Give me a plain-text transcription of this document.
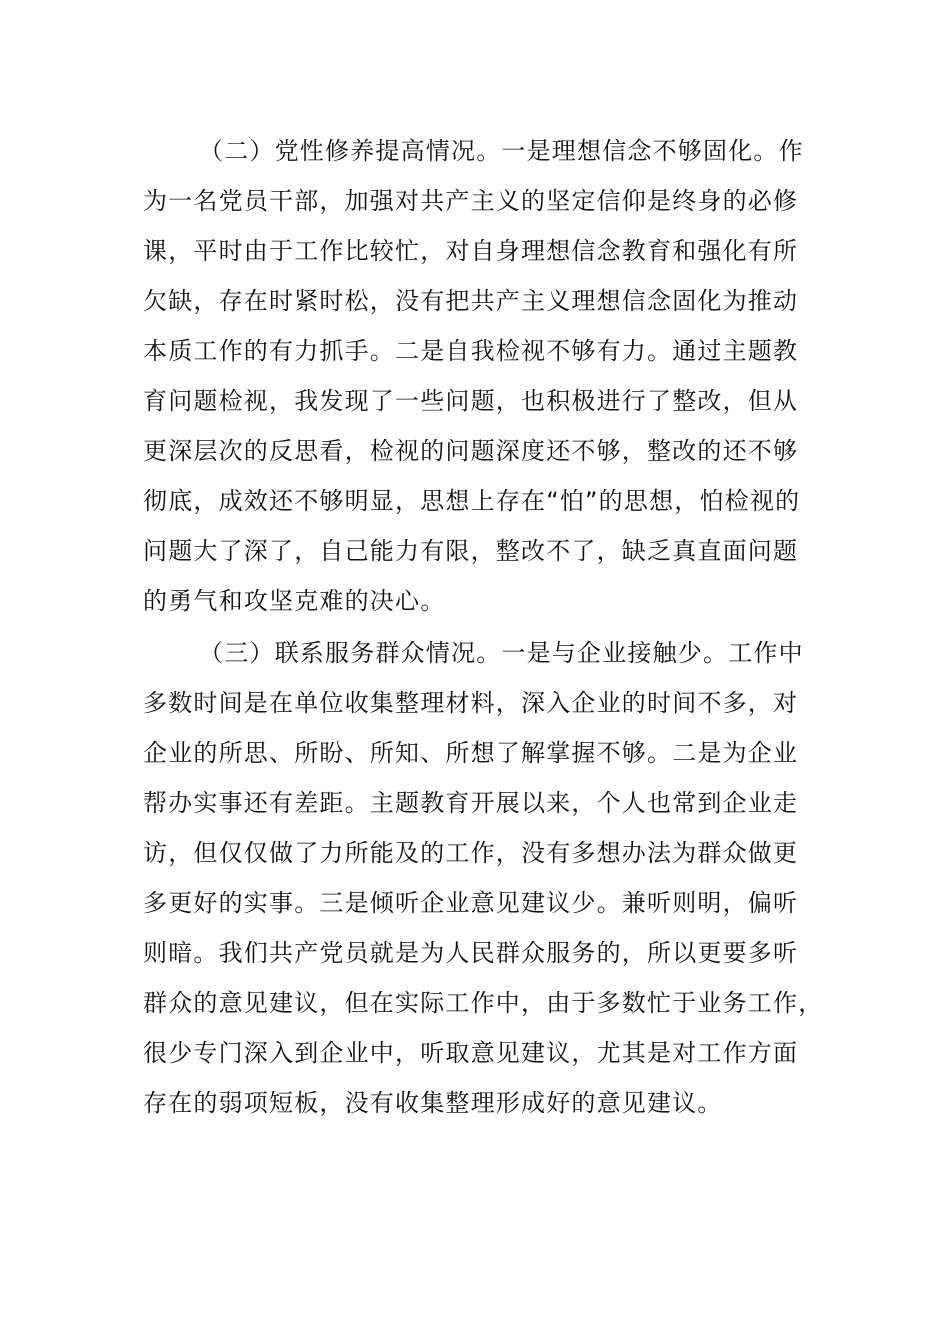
（二）党性修养提高情况。一是理想信念不够固化。作
为一名党员干部，加强对共产主义的坚定信仰是终身的必修
课，平时由于工作比较忙，对自身理想信念教育和强化有所
欠缺，存在时紧时松，没有把共产主义理想信念固化为推动
本质工作的有力抓手。二是自我检视不够有力。通过主题教
育问题检视，我发现了一些问题，也积极进行了整改，但从
更深层次的反思看，检视的问题深度还不够，整改的还不够
彻底，成效还不够明显，思想上存在“怕”的思想，怕检视的
问题大了深了，自己能力有限，整改不了，缺乏真直面问题
的勇气和攻坚克难的决心。
（三）联系服务群众情况。一是与企业接触少。工作中
多数时间是在单位收集整理材料，深入企业的时间不多，对
企业的所思、所盼、所知、所想了解掌握不够。二是为企业
帮办实事还有差距。主题教育开展以来，个人也常到企业走
访，但仅仅做了力所能及的工作，没有多想办法为群众做更
多更好的实事。三是倾听企业意见建议少。兼听则明，偏听
则暗。我们共产党员就是为人民群众服务的，所以更要多听
群众的意见建议，但在实际工作中，由于多数忙于业务工作，
很少专门深入到企业中，听取意见建议，尤其是对工作方面
存在的弱项短板，没有收集整理形成好的意见建议。
